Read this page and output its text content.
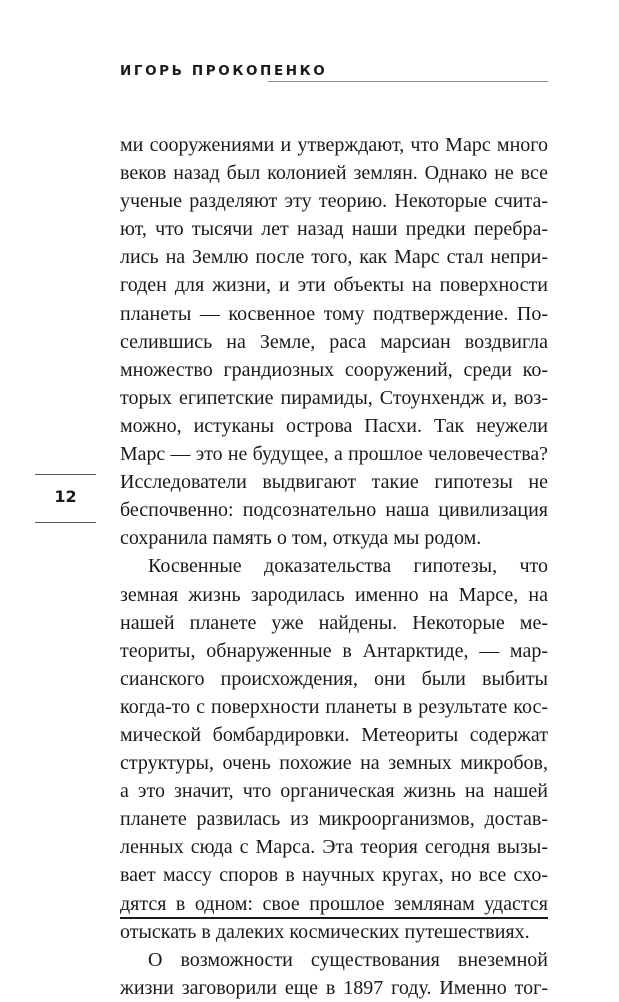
ИГОРЬ ПРОКОПЕНКО
12
ми сооружениями и утверждают, что Марс много
веков назад был колонией землян. Однако не все
ученые разделяют эту теорию. Некоторые счита-
ют, что тысячи лет назад наши предки перебра-
лись на Землю после того, как Марс стал непри-
годен для жизни, и эти объекты на поверхности
планеты — косвенное тому подтверждение. По-
селившись на Земле, раса марсиан воздвигла
множество грандиозных сооружений, среди ко-
торых египетские пирамиды, Стоунхендж и, воз-
можно, истуканы острова Пасхи. Так неужели
Марс — это не будущее, а прошлое человечества?
Исследователи выдвигают такие гипотезы не
беспочвенно: подсознательно наша цивилизация
сохранила память о том, откуда мы родом.
Косвенные доказательства гипотезы, что
земная жизнь зародилась именно на Марсе, на
нашей планете уже найдены. Некоторые ме-
теориты, обнаруженные в Антарктиде, — мар-
сианского происхождения, они были выбиты
когда-то с поверхности планеты в результате кос-
мической бомбардировки. Метеориты содержат
структуры, очень похожие на земных микробов,
а это значит, что органическая жизнь на нашей
планете развилась из микроорганизмов, достав-
ленных сюда с Марса. Эта теория сегодня вызы-
вает массу споров в научных кругах, но все схо-
дятся в одном: свое прошлое землянам удастся
отыскать в далеких космических путешествиях.
О возможности существования внеземной
жизни заговорили еще в 1897 году. Именно тог-
